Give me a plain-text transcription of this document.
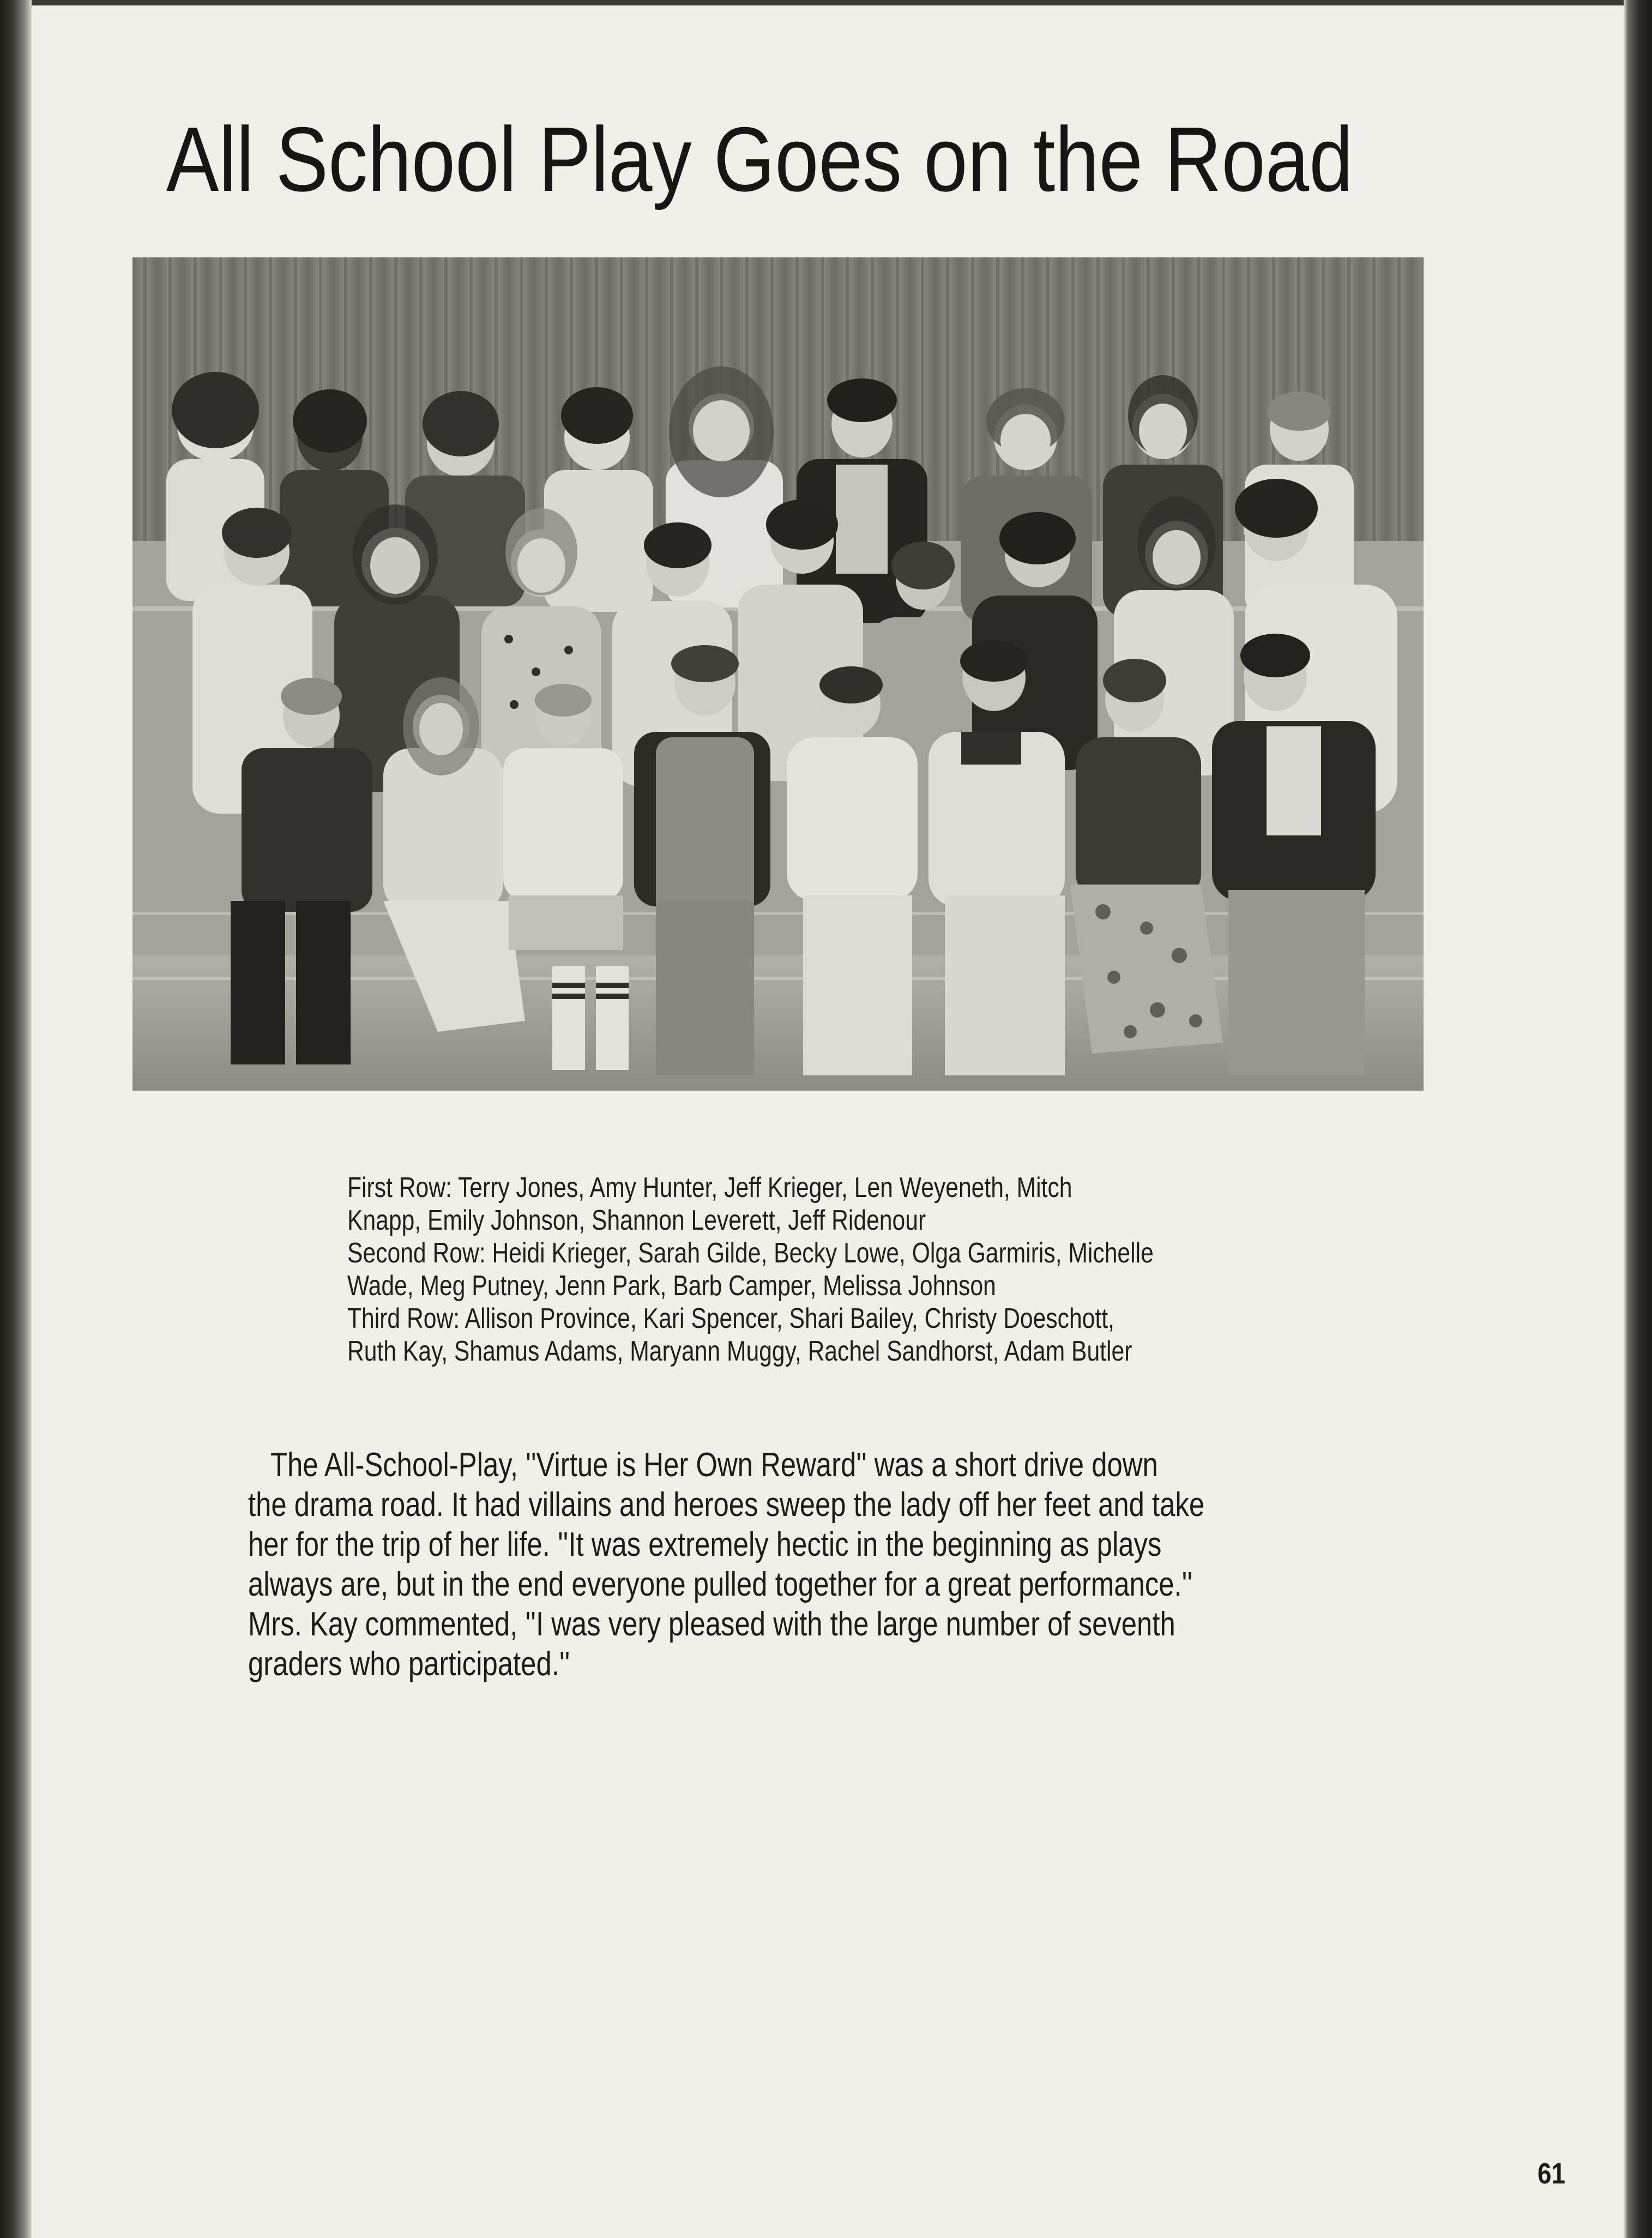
All School Play Goes on the Road

First Row: Terry Jones, Amy Hunter, Jeff Krieger, Len Weyeneth, Mitch

Knapp, Emily Johnson, Shannon Leverett, Jeff Ridenour

Second Row: Heidi Krieger, Sarah Gilde, Becky Lowe, Olga Garmiris, Michelle

Wade, Meg Putney, Jenn Park, Barb Camper, Melissa Johnson

Third Row: Allison Province, Kari Spencer, Shari Bailey, Christy Doeschott,

Ruth Kay, Shamus Adams, Maryann Muggy, Rachel Sandhorst, Adam Butler

The All-School-Play, ''Virtue is Her Own Reward'' was a short drive down

the drama road. It had villains and heroes sweep the lady off her feet and take

her for the trip of her life. ''It was extremely hectic in the beginning as plays

always are, but in the end everyone pulled together for a great performance.''

Mrs. Kay commented, ''I was very pleased with the large number of seventh

graders who participated.''

61
